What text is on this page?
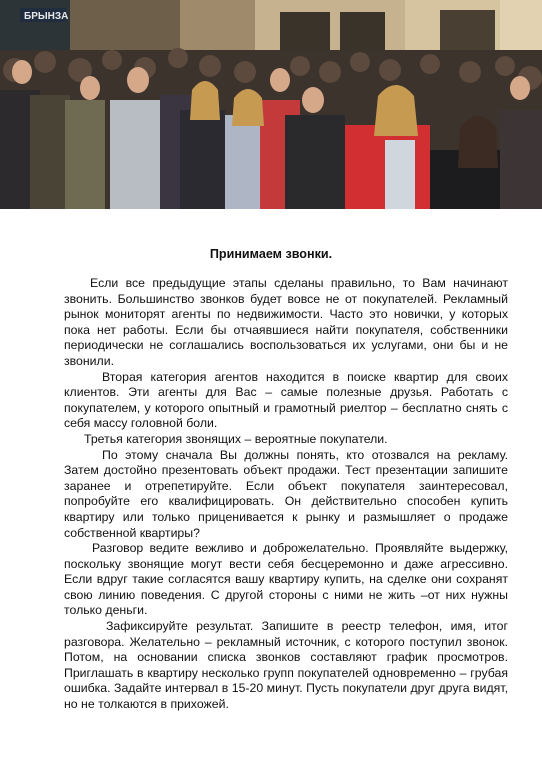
БРЫНЗА
Принимаем звонки.

Если все предыдущие этапы сделаны правильно, то Вам начинают звонить. Большинство звонков будет вовсе не от покупателей. Рекламный рынок мониторят агенты по недвижимости. Часто это новички, у которых пока нет работы. Если бы отчаявшиеся найти покупателя, собственники периодически не соглашались воспользоваться их услугами, они бы и не звонили.

Вторая категория агентов находится в поиске квартир для своих клиентов. Эти агенты для Вас – самые полезные друзья. Работать с покупателем, у которого опытный и грамотный риелтор – бесплатно снять с себя массу головной боли.

Третья категория звонящих – вероятные покупатели.

По этому сначала Вы должны понять, кто отозвался на рекламу. Затем достойно презентовать объект продажи. Тест презентации запишите заранее и отрепетируйте. Если объект покупателя заинтересовал, попробуйте его квалифицировать. Он действительно способен купить квартиру или только приценивается к рынку и размышляет о продаже собственной квартиры?

Разговор ведите вежливо и доброжелательно. Проявляйте выдержку, поскольку звонящие могут вести себя бесцеремонно и даже агрессивно. Если вдруг такие согласятся вашу квартиру купить, на сделке они сохранят свою линию поведения. С другой стороны с ними не жить –от них нужны только деньги.

Зафиксируйте результат. Запишите в реестр телефон, имя, итог разговора. Желательно – рекламный источник, с которого поступил звонок. Потом, на основании списка звонков составляют график просмотров. Приглашать в квартиру несколько групп покупателей одновременно – грубая ошибка. Задайте интервал в 15-20 минут. Пусть покупатели друг друга видят, но не толкаются в прихожей.
